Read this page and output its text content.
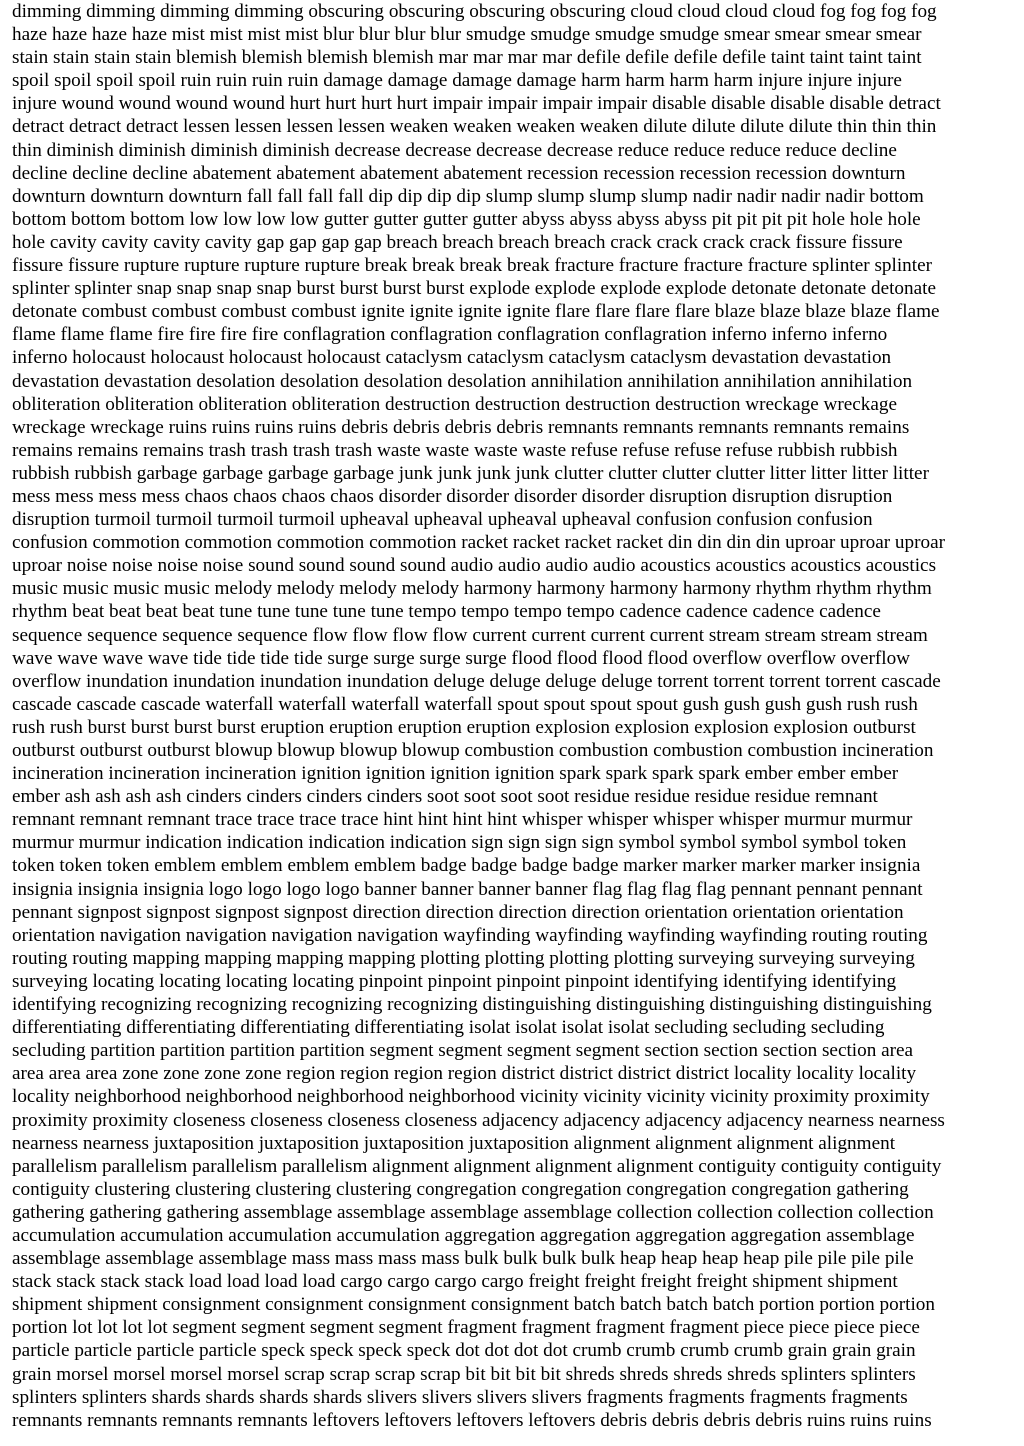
dimming dimming dimming dimming obscuring obscuring obscuring obscuring cloud cloud cloud cloud fog fog fog fog
haze haze haze haze mist mist mist mist blur blur blur blur smudge smudge smudge smudge smear smear smear smear
stain stain stain stain blemish blemish blemish blemish mar mar mar mar defile defile defile defile taint taint taint taint
spoil spoil spoil spoil ruin ruin ruin ruin damage damage damage damage harm harm harm harm injure injure injure
injure wound wound wound wound hurt hurt hurt hurt impair impair impair impair disable disable disable disable detract
detract detract detract lessen lessen lessen lessen weaken weaken weaken weaken dilute dilute dilute dilute thin thin thin
thin diminish diminish diminish diminish decrease decrease decrease decrease reduce reduce reduce reduce decline
decline decline decline abatement abatement abatement abatement recession recession recession recession downturn
downturn downturn downturn fall fall fall fall dip dip dip dip slump slump slump slump nadir nadir nadir nadir bottom
bottom bottom bottom low low low low gutter gutter gutter gutter abyss abyss abyss abyss pit pit pit pit hole hole hole
hole cavity cavity cavity cavity gap gap gap gap breach breach breach breach crack crack crack crack fissure fissure
fissure fissure rupture rupture rupture rupture break break break break fracture fracture fracture fracture splinter splinter
splinter splinter snap snap snap snap burst burst burst burst explode explode explode explode detonate detonate detonate
detonate combust combust combust combust ignite ignite ignite ignite flare flare flare flare blaze blaze blaze blaze flame
flame flame flame fire fire fire fire conflagration conflagration conflagration conflagration inferno inferno inferno
inferno holocaust holocaust holocaust holocaust cataclysm cataclysm cataclysm cataclysm devastation devastation
devastation devastation desolation desolation desolation desolation annihilation annihilation annihilation annihilation
obliteration obliteration obliteration obliteration destruction destruction destruction destruction wreckage wreckage
wreckage wreckage ruins ruins ruins ruins debris debris debris debris remnants remnants remnants remnants remains
remains remains remains trash trash trash trash waste waste waste waste refuse refuse refuse refuse rubbish rubbish
rubbish rubbish garbage garbage garbage garbage junk junk junk junk clutter clutter clutter clutter litter litter litter litter
mess mess mess mess chaos chaos chaos chaos disorder disorder disorder disorder disruption disruption disruption
disruption turmoil turmoil turmoil turmoil upheaval upheaval upheaval upheaval confusion confusion confusion
confusion commotion commotion commotion commotion racket racket racket racket din din din din uproar uproar uproar
uproar noise noise noise noise sound sound sound sound audio audio audio audio acoustics acoustics acoustics acoustics
music music music music melody melody melody melody harmony harmony harmony harmony rhythm rhythm rhythm
rhythm beat beat beat beat tune tune tune tune tune tempo tempo tempo tempo cadence cadence cadence cadence
sequence sequence sequence sequence flow flow flow flow current current current current stream stream stream stream
wave wave wave wave tide tide tide tide surge surge surge surge flood flood flood flood overflow overflow overflow
overflow inundation inundation inundation inundation deluge deluge deluge deluge torrent torrent torrent torrent cascade
cascade cascade cascade waterfall waterfall waterfall waterfall spout spout spout spout gush gush gush gush rush rush
rush rush burst burst burst burst eruption eruption eruption eruption explosion explosion explosion explosion outburst
outburst outburst outburst blowup blowup blowup blowup combustion combustion combustion combustion incineration
incineration incineration incineration ignition ignition ignition ignition spark spark spark spark ember ember ember
ember ash ash ash ash cinders cinders cinders cinders soot soot soot soot residue residue residue residue remnant
remnant remnant remnant trace trace trace trace hint hint hint hint whisper whisper whisper whisper murmur murmur
murmur murmur indication indication indication indication sign sign sign sign symbol symbol symbol symbol token
token token token emblem emblem emblem emblem badge badge badge badge marker marker marker marker insignia
insignia insignia insignia logo logo logo logo banner banner banner banner flag flag flag flag pennant pennant pennant
pennant signpost signpost signpost signpost direction direction direction direction orientation orientation orientation
orientation navigation navigation navigation navigation wayfinding wayfinding wayfinding wayfinding routing routing
routing routing mapping mapping mapping mapping plotting plotting plotting plotting surveying surveying surveying
surveying locating locating locating locating pinpoint pinpoint pinpoint pinpoint identifying identifying identifying
identifying recognizing recognizing recognizing recognizing distinguishing distinguishing distinguishing distinguishing
differentiating differentiating differentiating differentiating isolat isolat isolat isolat secluding secluding secluding
secluding partition partition partition partition segment segment segment segment section section section section area
area area area zone zone zone zone region region region region district district district district locality locality locality
locality neighborhood neighborhood neighborhood neighborhood vicinity vicinity vicinity vicinity proximity proximity
proximity proximity closeness closeness closeness closeness adjacency adjacency adjacency adjacency nearness nearness
nearness nearness juxtaposition juxtaposition juxtaposition juxtaposition alignment alignment alignment alignment
parallelism parallelism parallelism parallelism alignment alignment alignment alignment contiguity contiguity contiguity
contiguity clustering clustering clustering clustering congregation congregation congregation congregation gathering
gathering gathering gathering assemblage assemblage assemblage assemblage collection collection collection collection
accumulation accumulation accumulation accumulation aggregation aggregation aggregation aggregation assemblage
assemblage assemblage assemblage mass mass mass mass bulk bulk bulk bulk heap heap heap heap pile pile pile pile
stack stack stack stack load load load load cargo cargo cargo cargo freight freight freight freight shipment shipment
shipment shipment consignment consignment consignment consignment batch batch batch batch portion portion portion
portion lot lot lot lot segment segment segment segment fragment fragment fragment fragment piece piece piece piece
particle particle particle particle speck speck speck speck dot dot dot dot crumb crumb crumb crumb grain grain grain
grain morsel morsel morsel morsel scrap scrap scrap scrap bit bit bit bit shreds shreds shreds shreds splinters splinters
splinters splinters shards shards shards shards slivers slivers slivers slivers fragments fragments fragments fragments
remnants remnants remnants remnants leftovers leftovers leftovers leftovers debris debris debris debris ruins ruins ruins
